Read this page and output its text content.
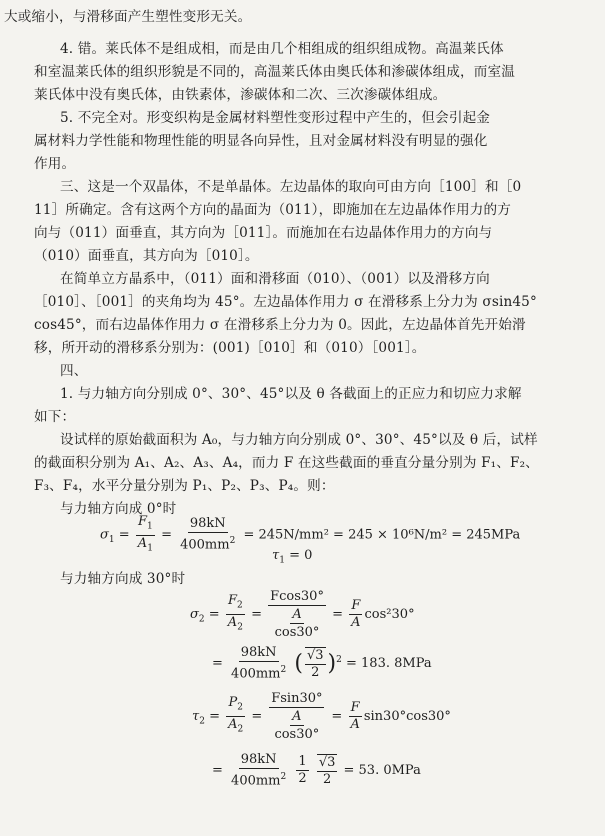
大或缩小，与滑移面产生塑性变形无关。
4. 错。莱氏体不是组成相，而是由几个相组成的组织组成物。高温莱氏体
和室温莱氏体的组织形貌是不同的，高温莱氏体由奥氏体和渗碳体组成，而室温
莱氏体中没有奥氏体，由铁素体，渗碳体和二次、三次渗碳体组成。
5. 不完全对。形变织构是金属材料塑性变形过程中产生的，但会引起金
属材料力学性能和物理性能的明显各向异性，且对金属材料没有明显的强化
作用。
三、这是一个双晶体，不是单晶体。左边晶体的取向可由方向［100］和［0
11］所确定。含有这两个方向的晶面为（011），即施加在左边晶体作用力的方
向与（011）面垂直，其方向为［011］。而施加在右边晶体作用力的方向与
（010）面垂直，其方向为［010］。
在简单立方晶系中，（011）面和滑移面（010）、（001）以及滑移方向
［010］、［001］的夹角均为 45°。左边晶体作用力 σ 在滑移系上分力为 σsin45°
cos45°，而右边晶体作用力 σ 在滑移系上分力为 0。因此，左边晶体首先开始滑
移，所开动的滑移系分别为：(001)［010］和（010）［001］。
四、
1. 与力轴方向分别成 0°、30°、45°以及 θ 各截面上的正应力和切应力求解
如下：
设试样的原始截面积为 A₀，与力轴方向分别成 0°、30°、45°以及 θ 后，试样
的截面积分别为 A₁、A₂、A₃、A₄，而力 F 在这些截面的垂直分量分别为 F₁、F₂、
F₃、F₄，水平分量分别为 P₁、P₂、P₃、P₄。则：
与力轴方向成 0°时
$\sigma_1 = \frac{F_1}{A_1} = \frac{98kN}{400mm^2} = 245N/mm^2 = 245 \times 10^6N/m^2 = 245MPa$
$\tau_1 = 0$
与力轴方向成 30°时
$\sigma_2 = \frac{F_2}{A_2} = \frac{Fcos30^\circ}{\frac{A}{\cos 30^\circ}} = \frac{F}{A} \cos^230^\circ$
= $\frac{98kN}{400mm^2}$ ( $\frac{√3}{2} )^2 = 183$. 8MPa
$\tau_2 = \frac{P_2}{A_2} = \frac{Fsin30^\circ}{\frac{A}{\cos 30^\circ}} = \frac{F}{A} \sin 30^\circ\cos 30^\circ$
= $\frac{98kN}{400mm^2}$
$\frac{1}{2}$
$\frac{√3}{2} = 53$. 0MPa
